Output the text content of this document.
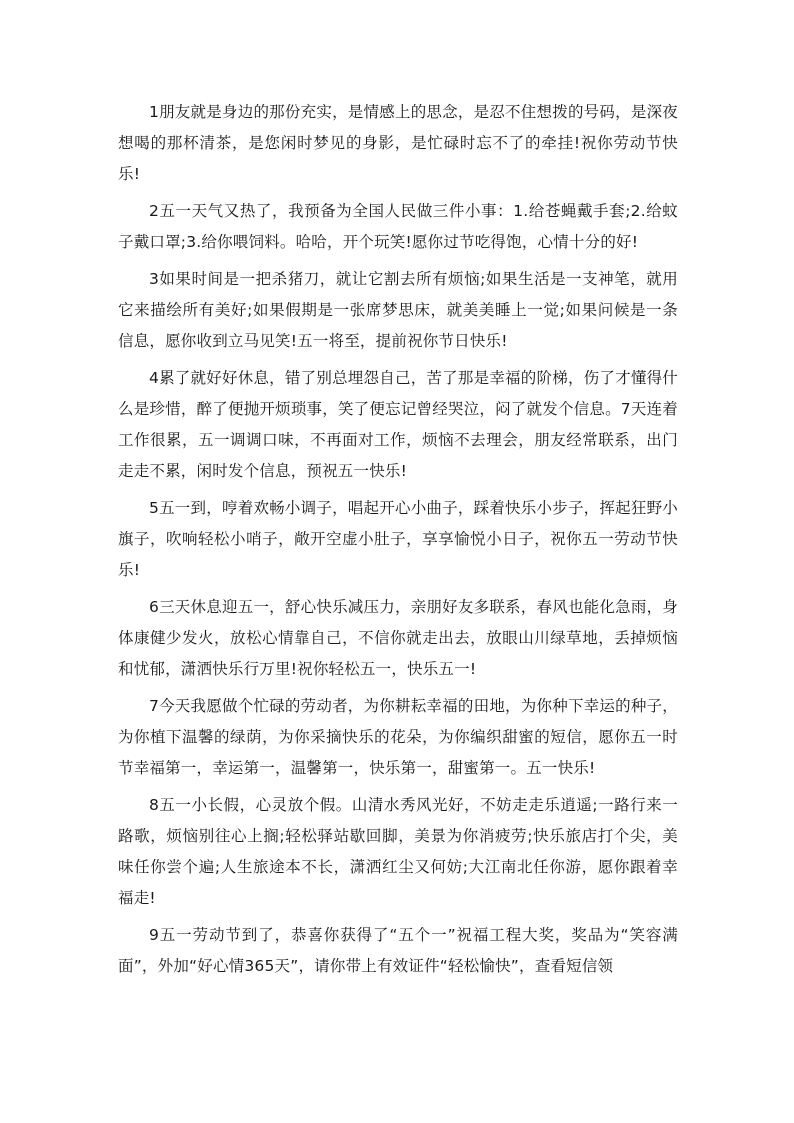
1朋友就是身边的那份充实，是情感上的思念，是忍不住想拨的号码，是深夜想喝的那杯清茶，是您闲时梦见的身影，是忙碌时忘不了的牵挂!祝你劳动节快乐!

2五一天气又热了，我预备为全国人民做三件小事：1.给苍蝇戴手套;2.给蚊子戴口罩;3.给你喂饲料。哈哈，开个玩笑!愿你过节吃得饱，心情十分的好!

3如果时间是一把杀猪刀，就让它割去所有烦恼;如果生活是一支神笔，就用它来描绘所有美好;如果假期是一张席梦思床，就美美睡上一觉;如果问候是一条信息，愿你收到立马见笑!五一将至，提前祝你节日快乐!

4累了就好好休息，错了别总埋怨自己，苦了那是幸福的阶梯，伤了才懂得什么是珍惜，醉了便抛开烦琐事，笑了便忘记曾经哭泣，闷了就发个信息。7天连着工作很累，五一调调口味，不再面对工作，烦恼不去理会，朋友经常联系，出门走走不累，闲时发个信息，预祝五一快乐!

5五一到，哼着欢畅小调子，唱起开心小曲子，踩着快乐小步子，挥起狂野小旗子，吹响轻松小哨子，敞开空虚小肚子，享享愉悦小日子，祝你五一劳动节快乐!

6三天休息迎五一，舒心快乐减压力，亲朋好友多联系，春风也能化急雨，身体康健少发火，放松心情靠自己，不信你就走出去，放眼山川绿草地，丢掉烦恼和忧郁，潇洒快乐行万里!祝你轻松五一，快乐五一!

7今天我愿做个忙碌的劳动者，为你耕耘幸福的田地，为你种下幸运的种子，为你植下温馨的绿荫，为你采摘快乐的花朵，为你编织甜蜜的短信，愿你五一时节幸福第一，幸运第一，温馨第一，快乐第一，甜蜜第一。五一快乐!

8五一小长假，心灵放个假。山清水秀风光好，不妨走走乐逍遥;一路行来一路歌，烦恼别往心上搁;轻松驿站歇回脚，美景为你消疲劳;快乐旅店打个尖，美味任你尝个遍;人生旅途本不长，潇洒红尘又何妨;大江南北任你游，愿你跟着幸福走!

9五一劳动节到了，恭喜你获得了“五个一”祝福工程大奖，奖品为“笑容满面”，外加“好心情365天”，请你带上有效证件“轻松愉快”，查看短信领
